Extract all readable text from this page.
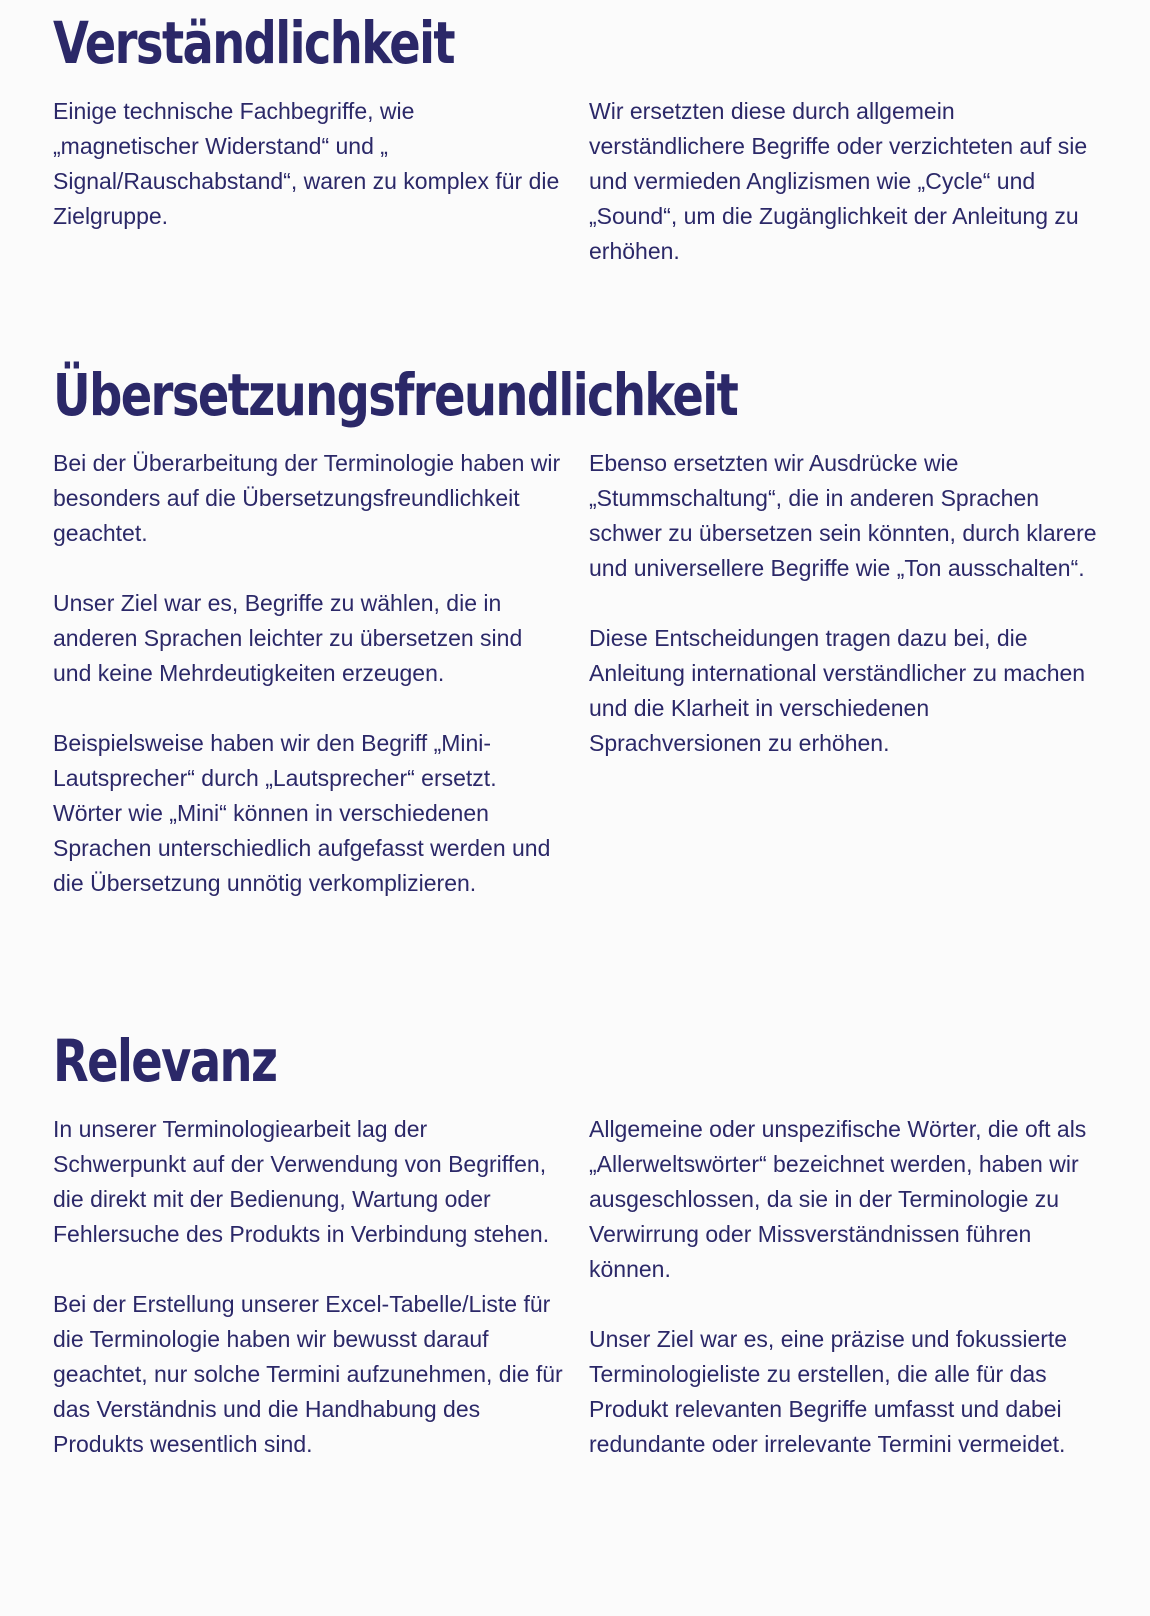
Verständlichkeit

Einige technische Fachbegriffe, wie „magnetischer Widerstand“ und „ Signal/Rauschabstand“, waren zu komplex für die Zielgruppe.

Wir ersetzten diese durch allgemein verständlichere Begriffe oder verzichteten auf sie und vermieden Anglizismen wie „Cycle“ und „Sound“, um die Zugänglichkeit der Anleitung zu erhöhen.

Übersetzungsfreundlichkeit

Bei der Überarbeitung der Terminologie haben wir besonders auf die Übersetzungsfreundlichkeit geachtet.

Unser Ziel war es, Begriffe zu wählen, die in anderen Sprachen leichter zu übersetzen sind und keine Mehrdeutigkeiten erzeugen.

Beispielsweise haben wir den Begriff „Mini-Lautsprecher“ durch „Lautsprecher“ ersetzt. Wörter wie „Mini“ können in verschiedenen Sprachen unterschiedlich aufgefasst werden und die Übersetzung unnötig verkomplizieren.

Ebenso ersetzten wir Ausdrücke wie „Stummschaltung“, die in anderen Sprachen schwer zu übersetzen sein könnten, durch klarere und universellere Begriffe wie „Ton ausschalten“.

Diese Entscheidungen tragen dazu bei, die Anleitung international verständlicher zu machen und die Klarheit in verschiedenen Sprachversionen zu erhöhen.

Relevanz

In unserer Terminologiearbeit lag der Schwerpunkt auf der Verwendung von Begriffen, die direkt mit der Bedienung, Wartung oder Fehlersuche des Produkts in Verbindung stehen.

Bei der Erstellung unserer Excel-Tabelle/Liste für die Terminologie haben wir bewusst darauf geachtet, nur solche Termini aufzunehmen, die für das Verständnis und die Handhabung des Produkts wesentlich sind.

Allgemeine oder unspezifische Wörter, die oft als „Allerweltswörter“ bezeichnet werden, haben wir ausgeschlossen, da sie in der Terminologie zu Verwirrung oder Missverständnissen führen können.

Unser Ziel war es, eine präzise und fokussierte Terminologieliste zu erstellen, die alle für das Produkt relevanten Begriffe umfasst und dabei redundante oder irrelevante Termini vermeidet.
